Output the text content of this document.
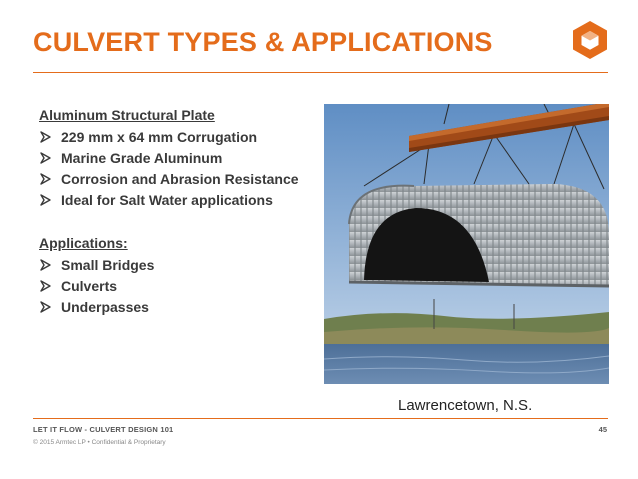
CULVERT TYPES & APPLICATIONS
Aluminum Structural Plate
229 mm x 64 mm Corrugation
Marine Grade Aluminum
Corrosion and Abrasion Resistance
Ideal for Salt Water applications
Applications:
Small Bridges
Culverts
Underpasses
Lawrencetown, N.S.
LET IT FLOW - CULVERT DESIGN 101	45
© 2015 Armtec LP • Confidential & Proprietary
